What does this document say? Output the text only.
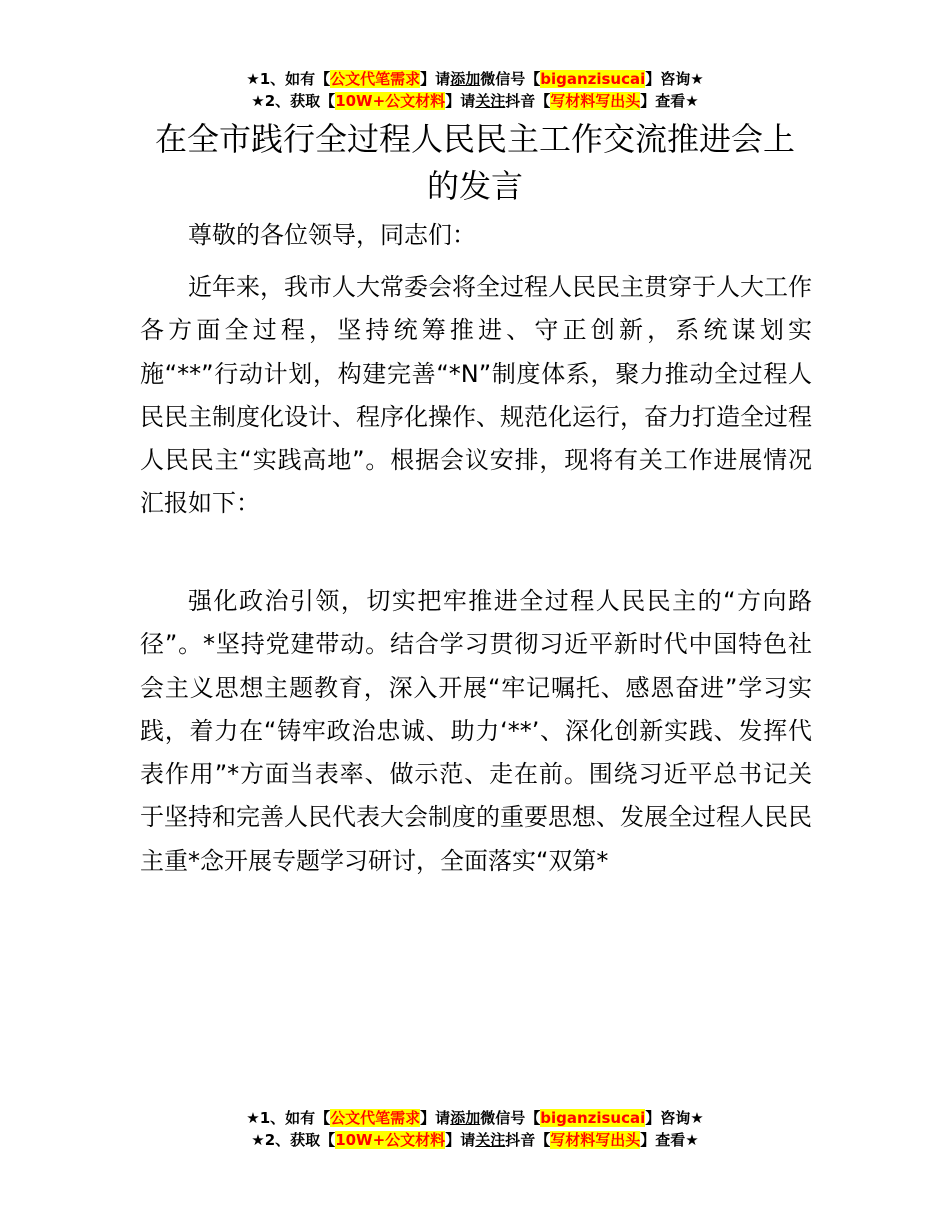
★1、如有【公文代笔需求】请添加微信号【biganzisucai】咨询★
★2、获取【10W+公文材料】请关注抖音【写材料写出头】查看★
在全市践行全过程人民民主工作交流推进会上的发言

尊敬的各位领导，同志们：

近年来，我市人大常委会将全过程人民民主贯穿于人大工作各方面全过程，坚持统筹推进、守正创新，系统谋划实施“**”行动计划，构建完善“*N”制度体系，聚力推动全过程人民民主制度化设计、程序化操作、规范化运行，奋力打造全过程人民民主“实践高地”。根据会议安排，现将有关工作进展情况汇报如下：

强化政治引领，切实把牢推进全过程人民民主的“方向路径”。*坚持党建带动。结合学习贯彻习近平新时代中国特色社会主义思想主题教育，深入开展“牢记嘱托、感恩奋进”学习实践，着力在“铸牢政治忠诚、助力‘**’、深化创新实践、发挥代表作用”*方面当表率、做示范、走在前。围绕习近平总书记关于坚持和完善人民代表大会制度的重要思想、发展全过程人民民主重*念开展专题学习研讨，全面落实“双第*

★1、如有【公文代笔需求】请添加微信号【biganzisucai】咨询★
★2、获取【10W+公文材料】请关注抖音【写材料写出头】查看★
